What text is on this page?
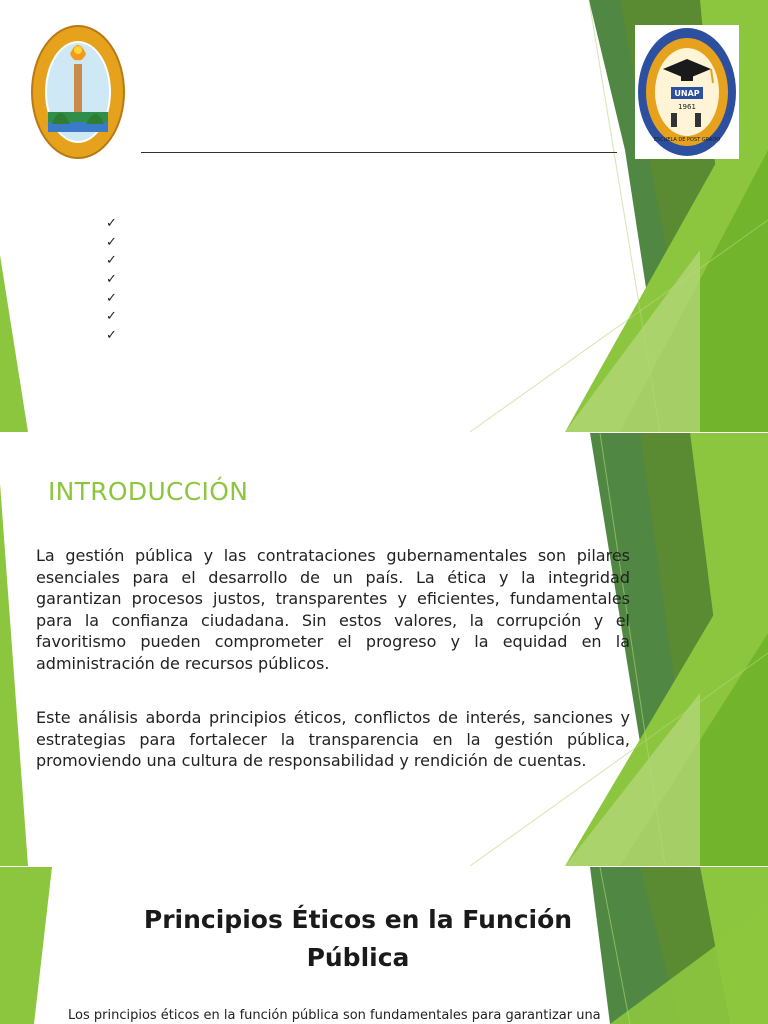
UNAP
1961
ESCUELA DE POST GRADO
✓
✓
✓
✓
✓
✓
✓
INTRODUCCIÓN

La gestión pública y las contrataciones gubernamentales son pilares esenciales para el desarrollo de un país. La ética y la integridad garantizan procesos justos, transparentes y eficientes, fundamentales para la confianza ciudadana. Sin estos valores, la corrupción y el favoritismo pueden comprometer el progreso y la equidad en la administración de recursos públicos.

Este análisis aborda principios éticos, conflictos de interés, sanciones y estrategias para fortalecer la transparencia en la gestión pública, promoviendo una cultura de responsabilidad y rendición de cuentas.

Principios Éticos en la Función Pública

Los principios éticos en la función pública son fundamentales para garantizar una
